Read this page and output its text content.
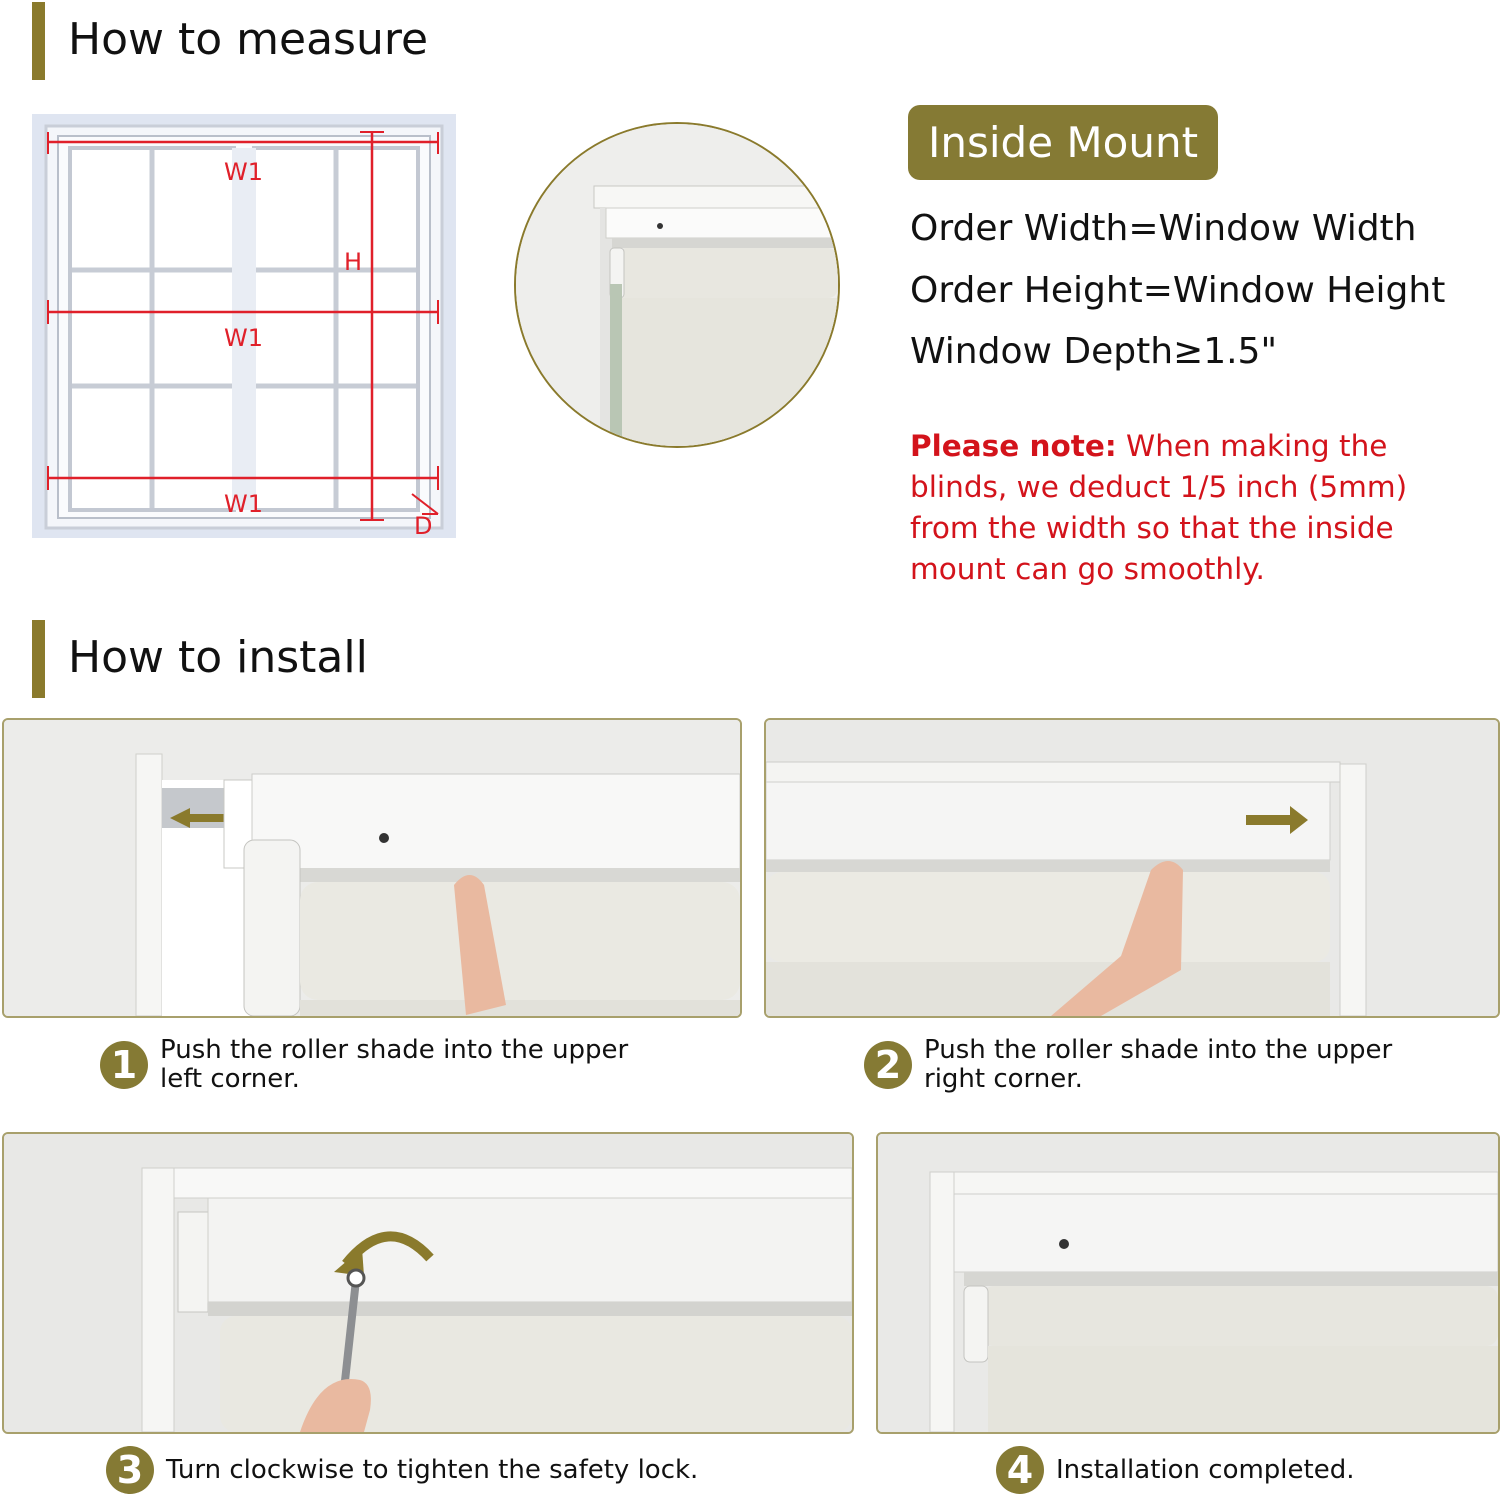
How to measure
W1
H
W1
W1
D
Inside Mount
Order Width=Window Width
Order Height=Window Height
Window Depth≥1.5"
Please note: When making the blinds, we deduct 1/5 inch (5mm) from the width so that the inside mount can go smoothly.
How to install
1 Push the roller shade into the upper left corner.	2 Push the roller shade into the upper right corner.
3 Turn clockwise to tighten the safety lock.	4 Installation completed.
